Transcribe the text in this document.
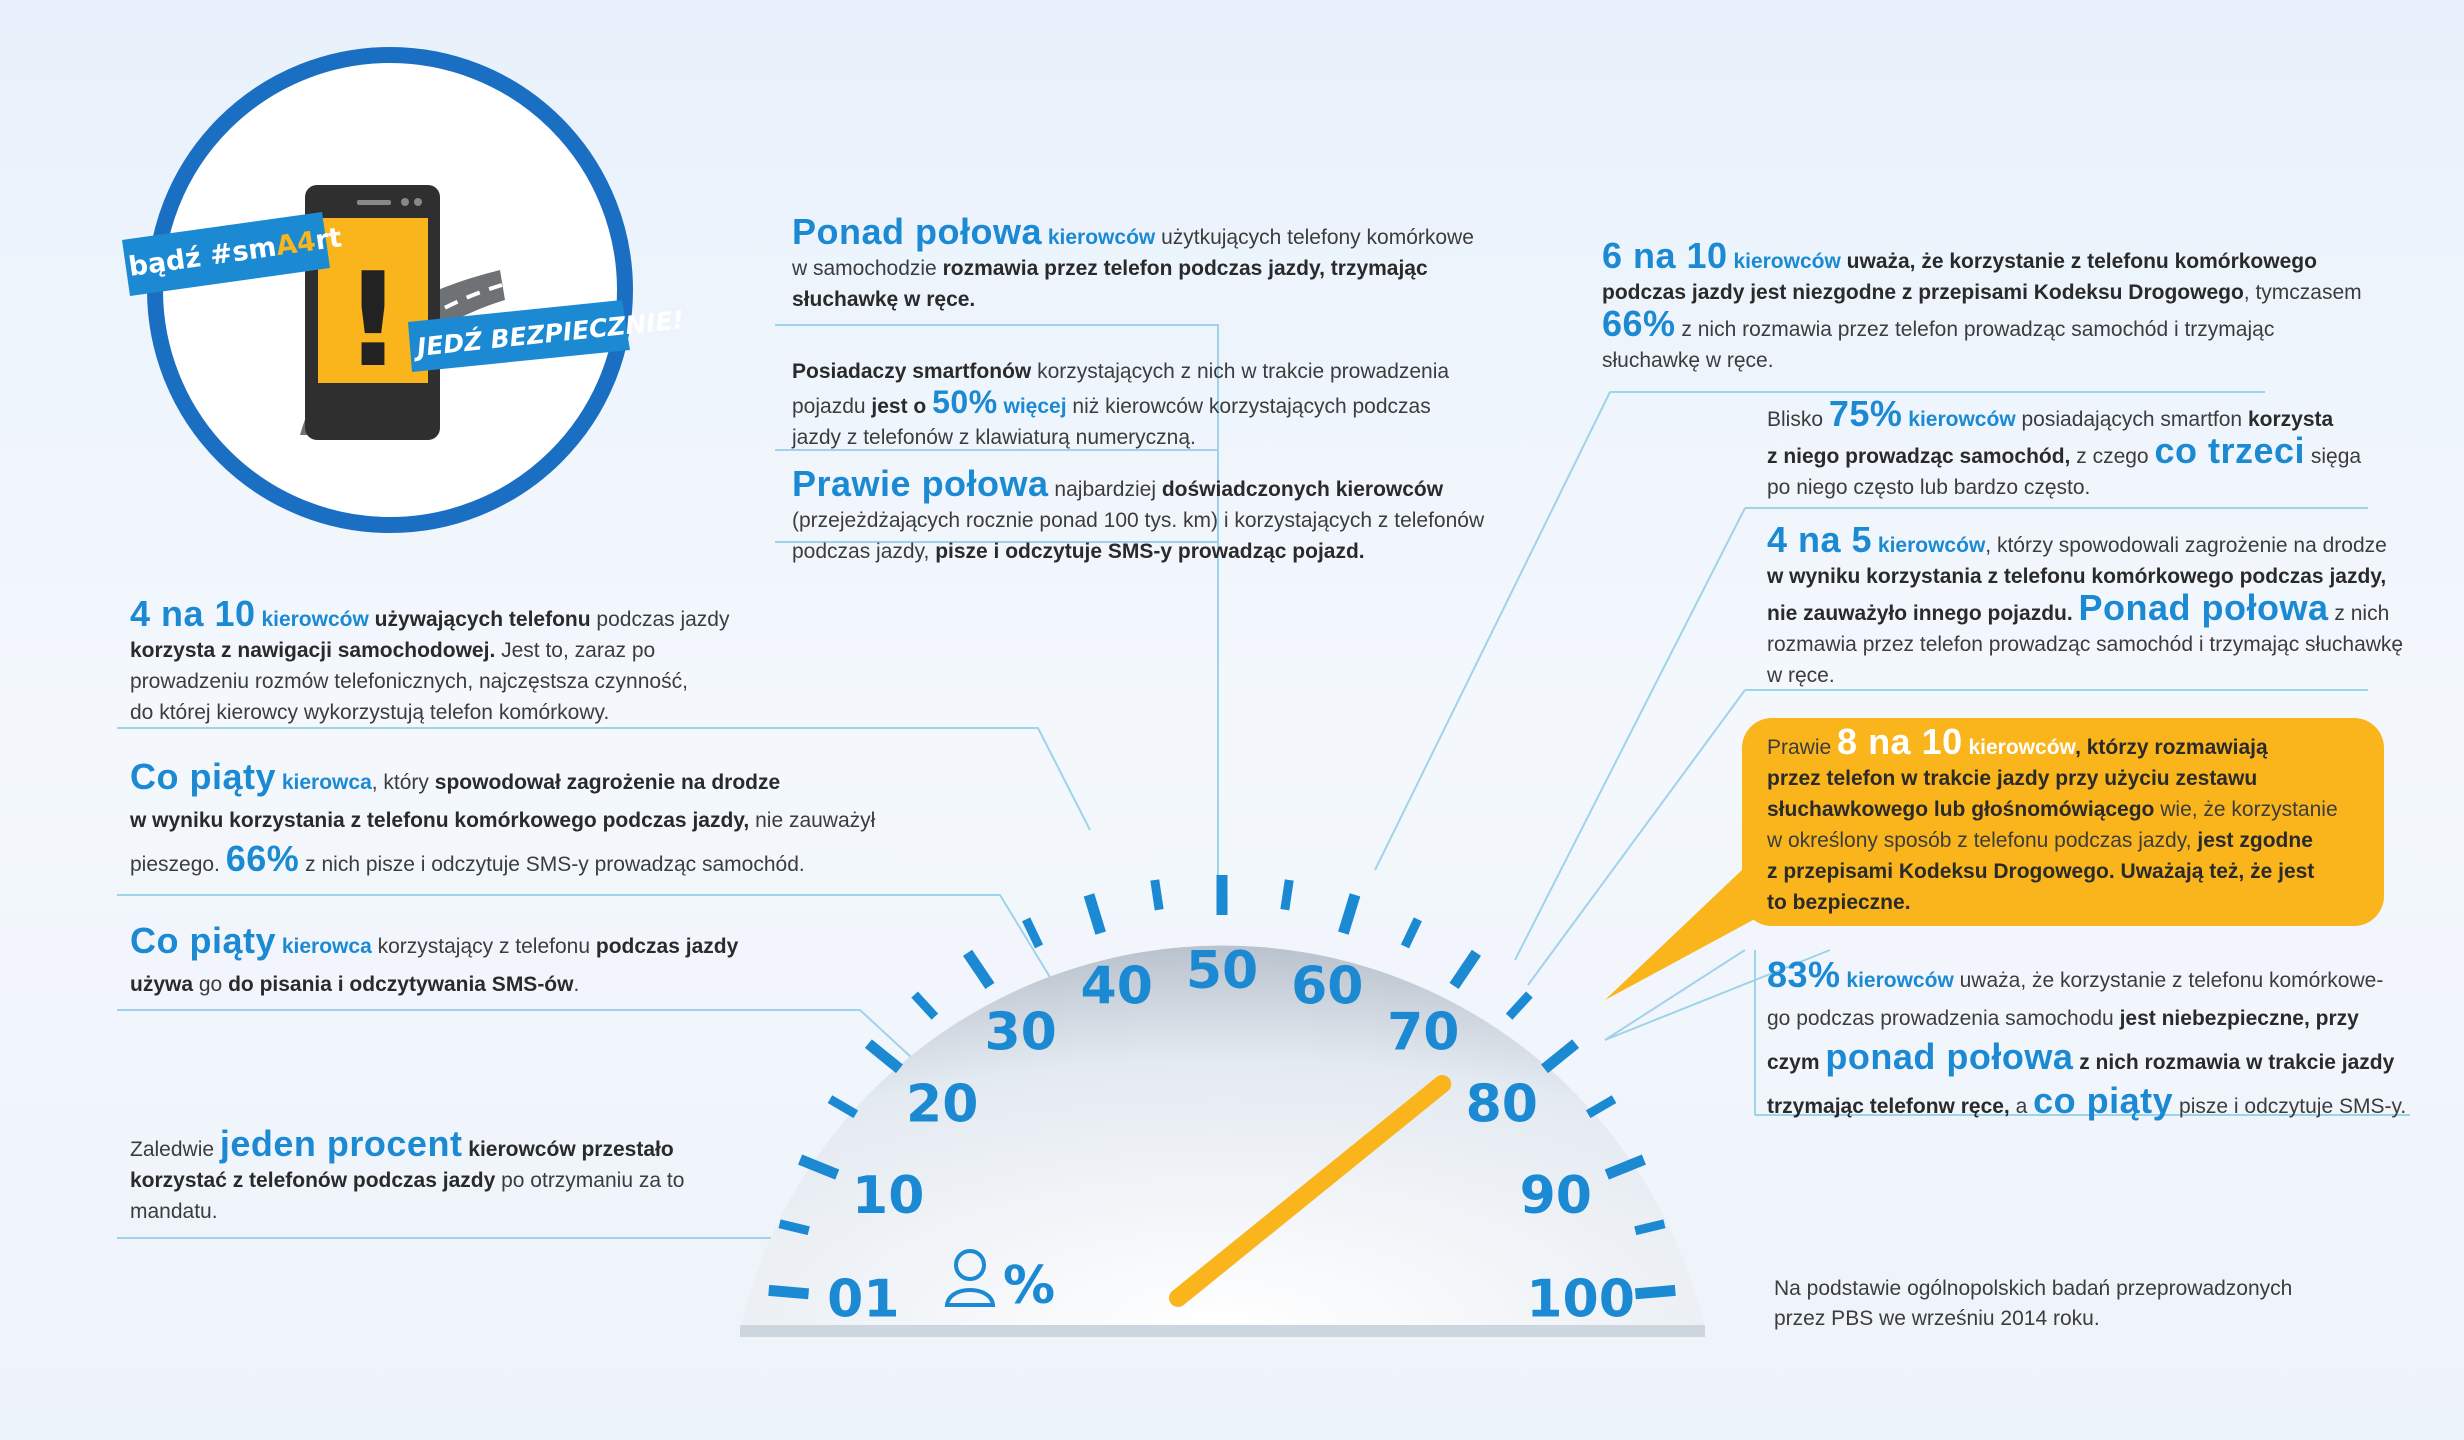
!
bądź #smA4rt
JEDŹ BEZPIECZNIE!
01
10
20
30
40 50 60
70
80
90
100
%
4 na 10 kierowców używających telefonu podczas jazdy
korzysta z nawigacji samochodowej. Jest to, zaraz po
prowadzeniu rozmów telefonicznych, najczęstsza czynność,
do której kierowcy wykorzystują telefon komórkowy.
Co piąty kierowca, który spowodował zagrożenie na drodze
w wyniku korzystania z telefonu komórkowego podczas jazdy, nie zauważył
pieszego. 66% z nich pisze i odczytuje SMS-y prowadząc samochód.
Co piąty kierowca korzystający z telefonu podczas jazdy
używa go do pisania i odczytywania SMS-ów.
Zaledwie jeden procent kierowców przestało
korzystać z telefonów podczas jazdy po otrzymaniu za to
mandatu.
Ponad połowa kierowców użytkujących telefony komórkowe
w samochodzie rozmawia przez telefon podczas jazdy, trzymając
słuchawkę w ręce.
Posiadaczy smartfonów korzystających z nich w trakcie prowadzenia
pojazdu jest o 50% więcej niż kierowców korzystających podczas
jazdy z telefonów z klawiaturą numeryczną.
Prawie połowa najbardziej doświadczonych kierowców
(przejeżdżających rocznie ponad 100 tys. km) i korzystających z telefonów
podczas jazdy, pisze i odczytuje SMS-y prowadząc pojazd.
6 na 10 kierowców uważa, że korzystanie z telefonu komórkowego
podczas jazdy jest niezgodne z przepisami Kodeksu Drogowego, tymczasem
66% z nich rozmawia przez telefon prowadząc samochód i trzymając
słuchawkę w ręce.
Blisko 75% kierowców posiadających smartfon korzysta
z niego prowadząc samochód, z czego co trzeci sięga
po niego często lub bardzo często.
4 na 5 kierowców, którzy spowodowali zagrożenie na drodze
w wyniku korzystania z telefonu komórkowego podczas jazdy,
nie zauważyło innego pojazdu. Ponad połowa z nich
rozmawia przez telefon prowadząc samochód i trzymając słuchawkę
w ręce.
Prawie 8 na 10 kierowców, którzy rozmawiają
przez telefon w trakcie jazdy przy użyciu zestawu
słuchawkowego lub głośnomówiącego wie, że korzystanie
w określony sposób z telefonu podczas jazdy, jest zgodne
z przepisami Kodeksu Drogowego. Uważają też, że jest
to bezpieczne.
83% kierowców uważa, że korzystanie z telefonu komórkowe-
go podczas prowadzenia samochodu jest niebezpieczne, przy
czym ponad połowa z nich rozmawia w trakcie jazdy
trzymając telefonw ręce, a co piąty pisze i odczytuje SMS-y.
Na podstawie ogólnopolskich badań przeprowadzonych
przez PBS we wrześniu 2014 roku.
